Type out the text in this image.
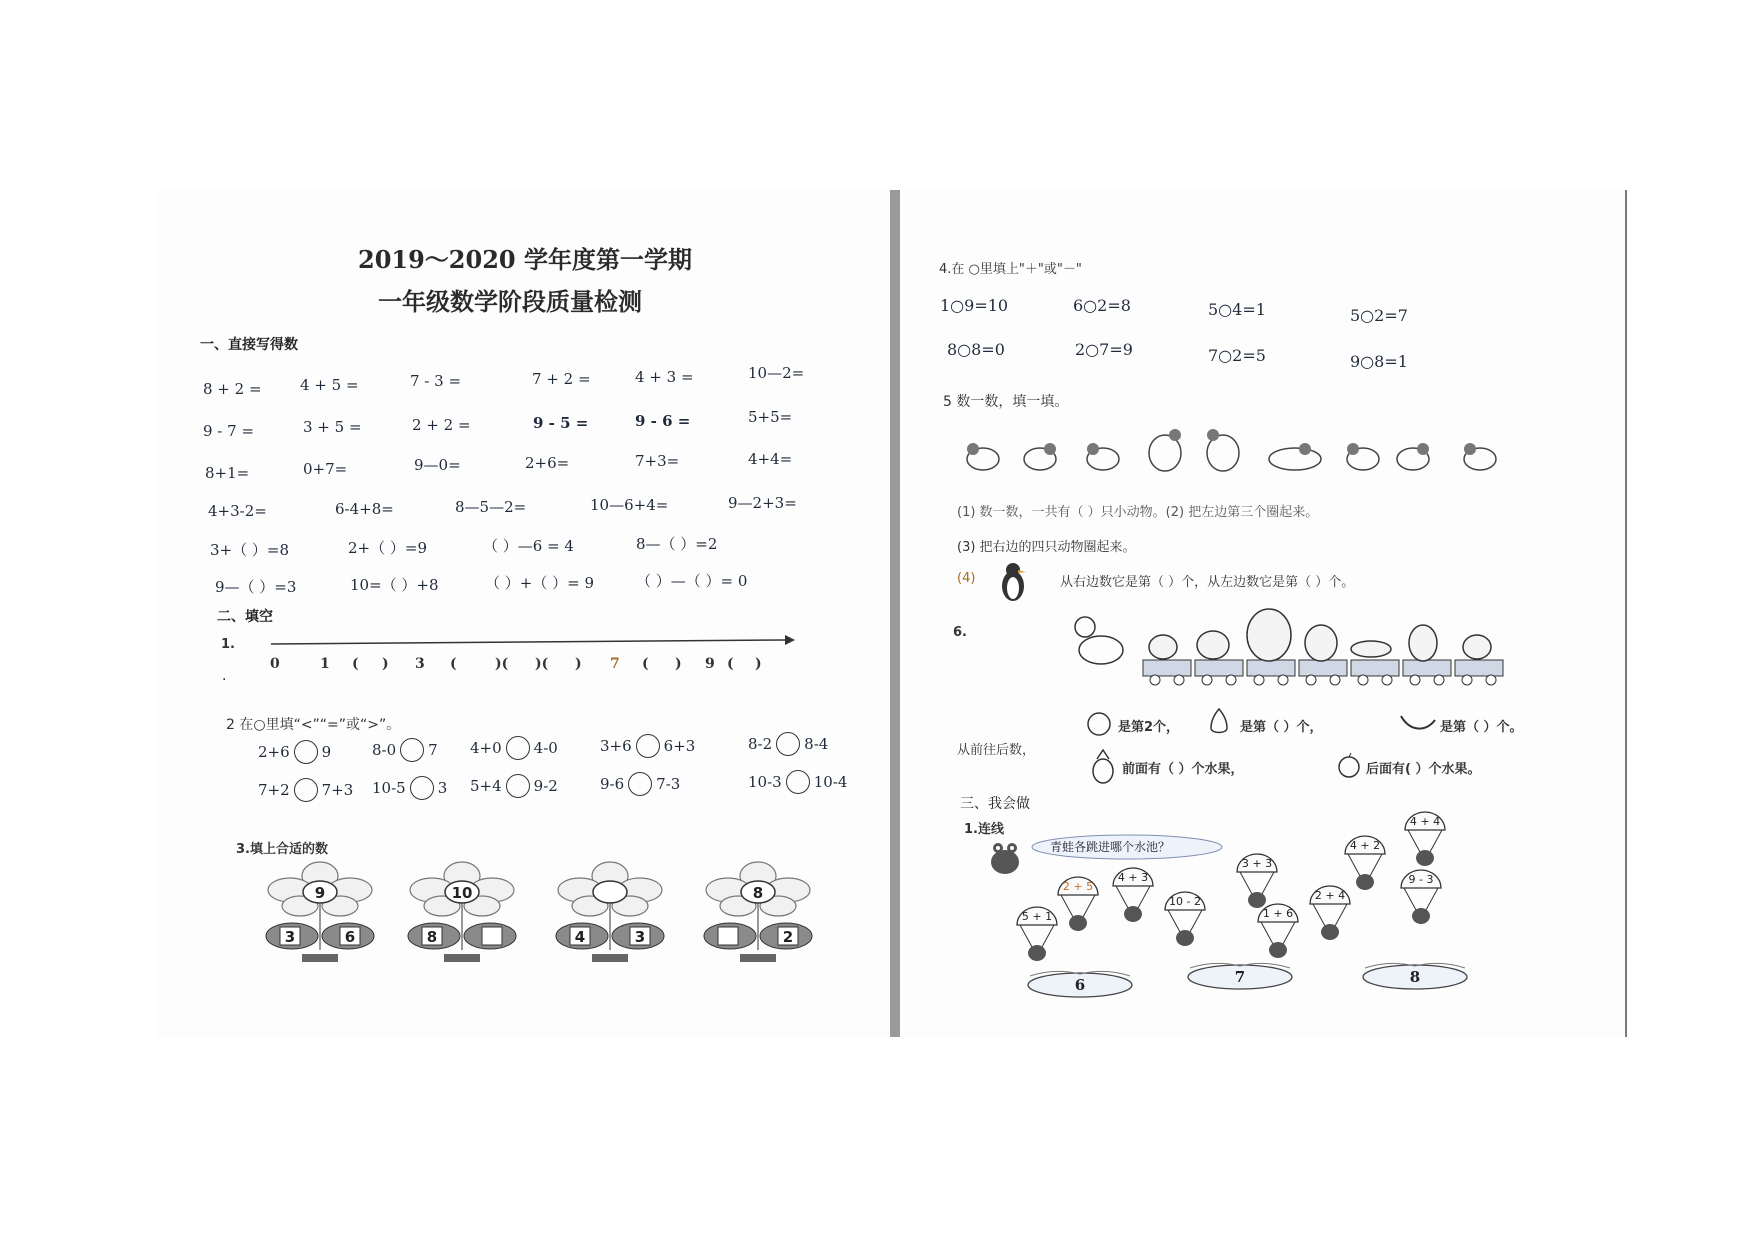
2019～2020 学年度第一学期
一年级数学阶段质量检测
一、直接写得数
8 + 2 =	4 + 5 =	7 - 3 =	7 + 2 =	4 + 3 =	10—2=
9 - 7 =	3 + 5 =	2 + 2 =	9 - 5 =	9 - 6 =	5+5=
8+1=	0+7=	9—0=	2+6=	7+3=	4+4=
4+3-2=	6-4+8=	8—5—2=	10—6+4=	9—2+3=
3+（ ）=8	2+（ ）=9	（ ）—6 = 4	8—（ ）=2
9—（ ）=3	10=（ ）+8	（ ）+（ ）= 9	（ ）—（ ）= 0
二、填空
1.
·
0	1 ( ) 3 (	)( )( ) 7 ( ) 9 ( )
2 在○里填“<”“=”或“>”。
2+6 9	8-0 7 4+0 4-0	3+6 6+3	8-2 8-4
7+2 7+3 10-5 3 5+4 9-2	9-6 7-3	10-3 10-4
3.填上合适的数
9
3	6
10
8	4	3
8
2
4.在 ○里填上"＋"或"－"
1○9=10	6○2=8	5○4=1	5○2=7
8○8=0	2○7=9	7○2=5	9○8=1
5 数一数，填一填。
(1) 数一数，一共有（ ）只小动物。(2) 把左边第三个圈起来。
(3) 把右边的四只动物圈起来。
(4)	从右边数它是第（ ）个，从左边数它是第（ ）个。
6.
是第2个，	是第（ ）个，	是第（ ）个。
从前往后数，
前面有（ ）个水果，	后面有( ）个水果。
三、我会做
1.连线
青蛙各跳进哪个水池？
5 + 1
2 + 5
4 + 3
10 - 2
3 + 3
1 + 6
2 + 4
4 + 2
4 + 4
9 - 3
6	7	8
